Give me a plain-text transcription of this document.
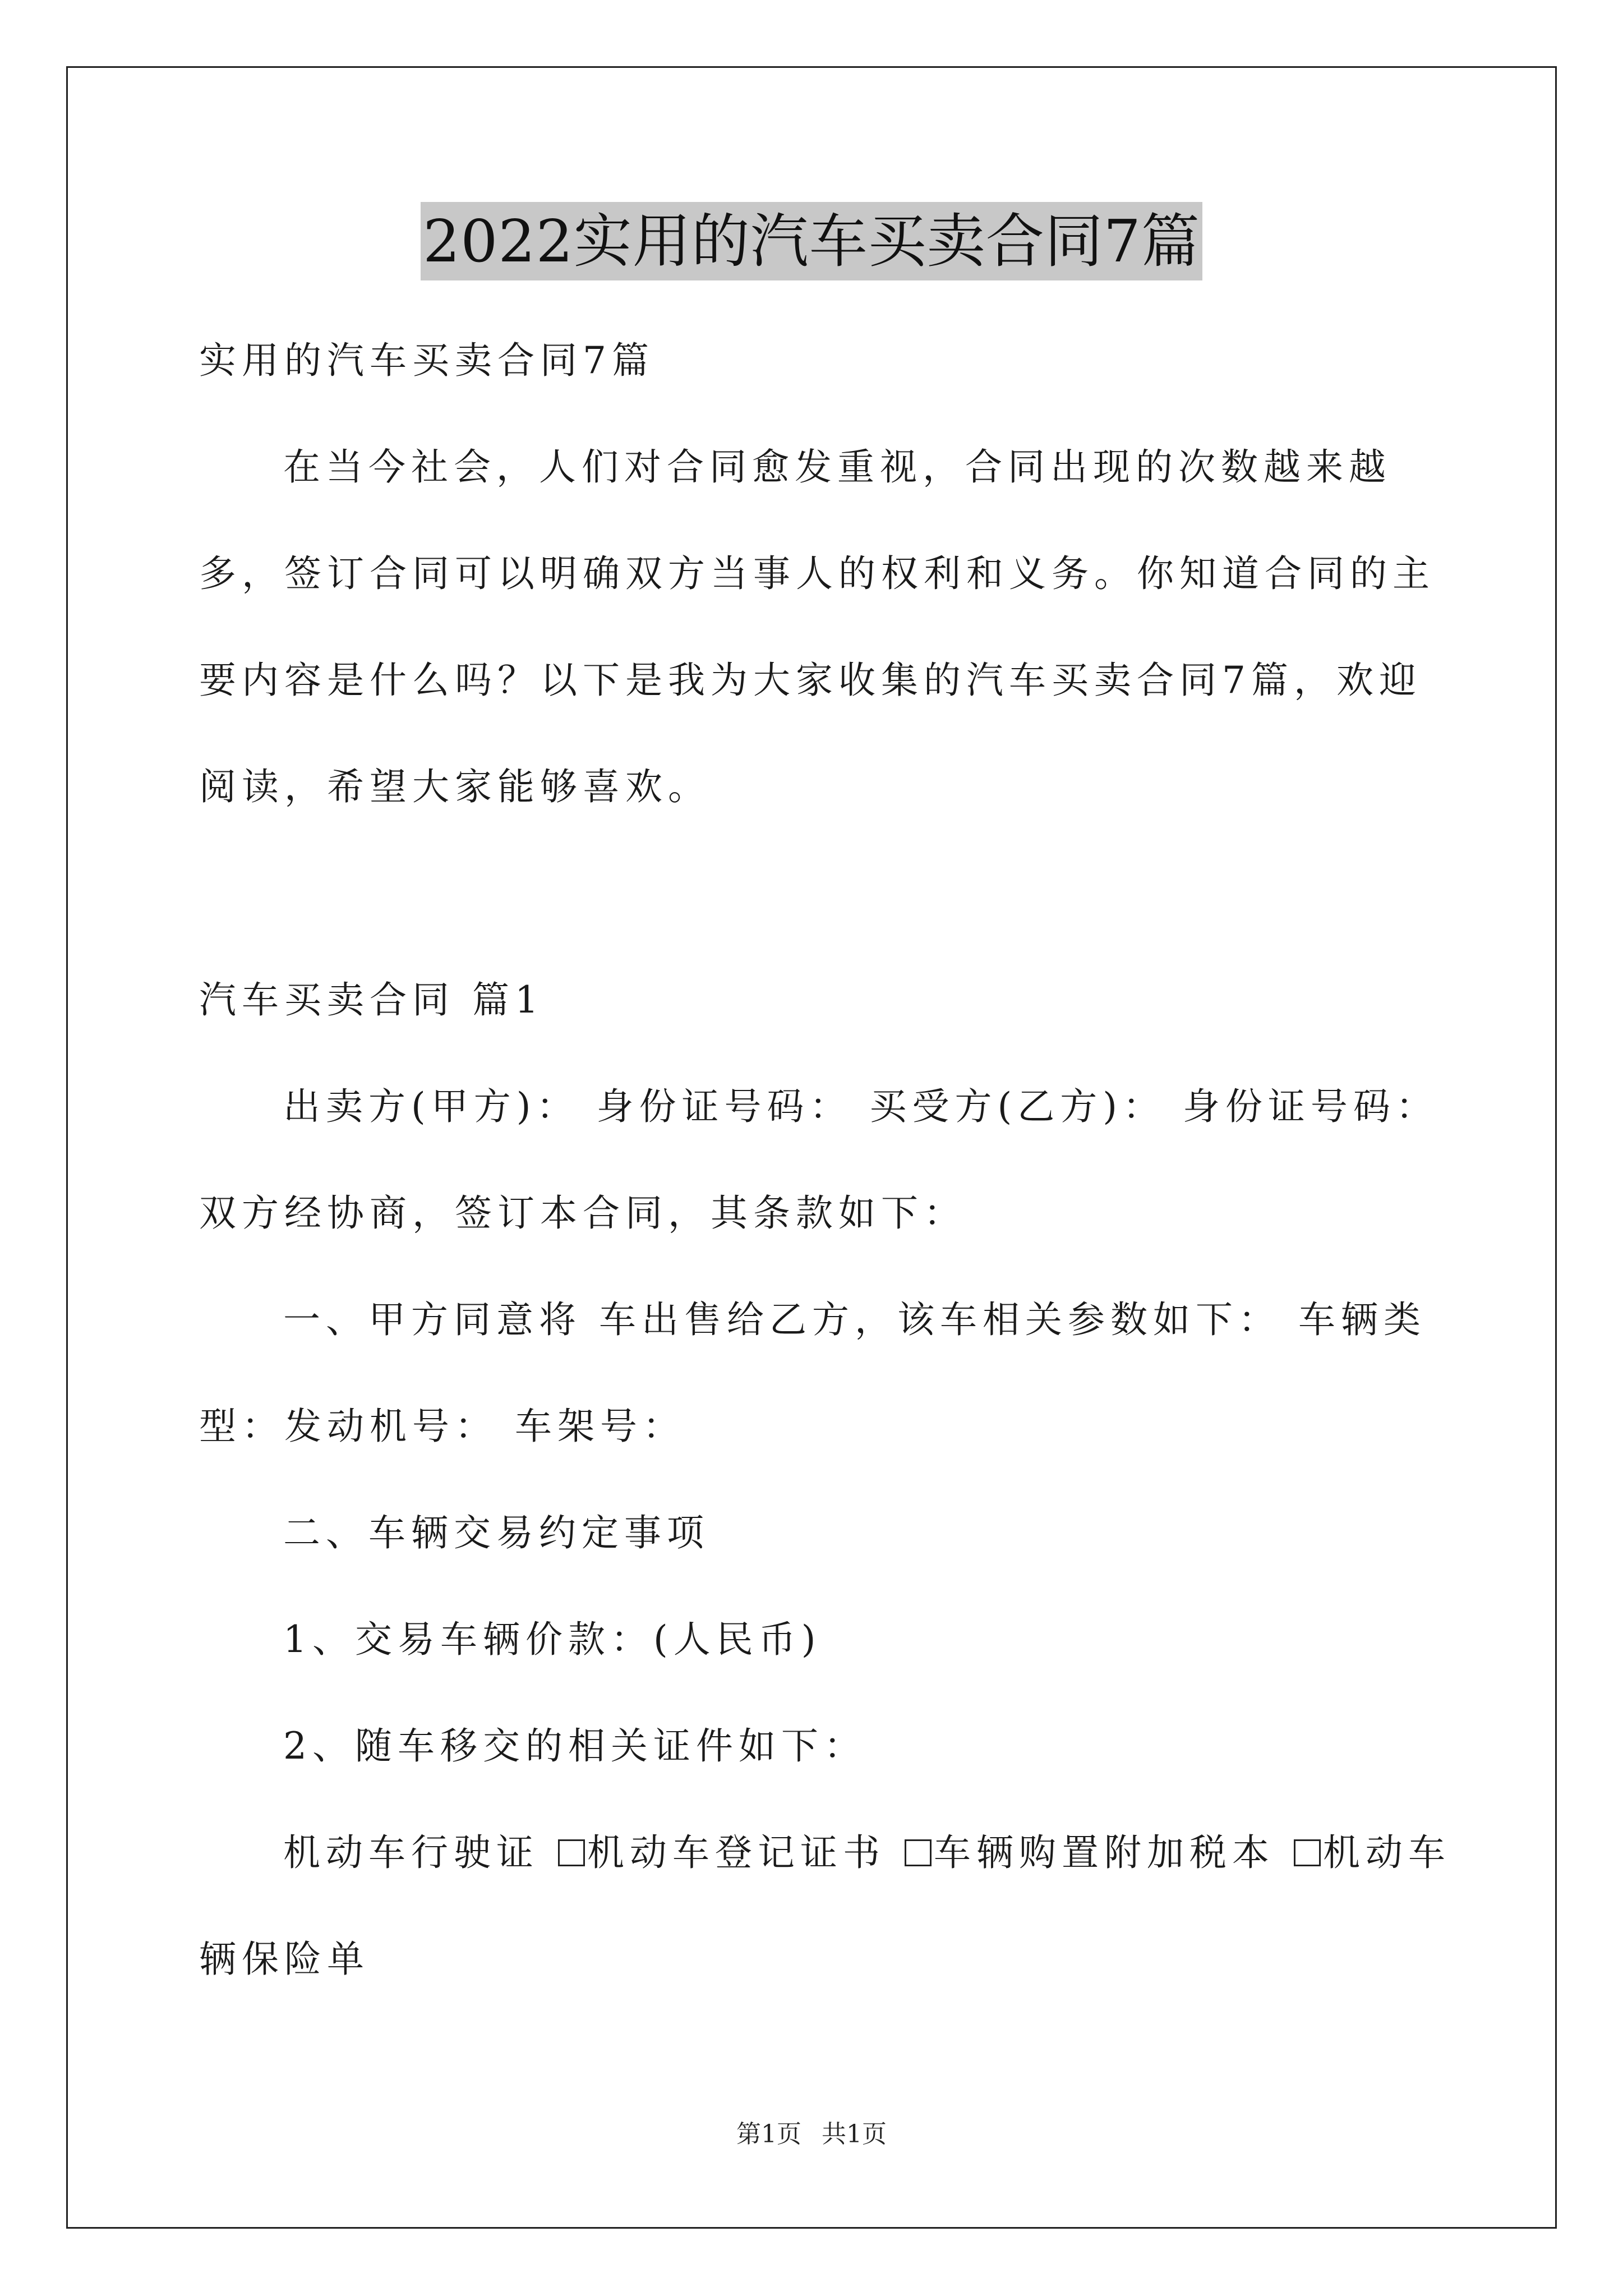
2022实用的汽车买卖合同7篇

实用的汽车买卖合同7篇

在当今社会，人们对合同愈发重视，合同出现的次数越来越多，签订合同可以明确双方当事人的权利和义务。你知道合同的主要内容是什么吗？以下是我为大家收集的汽车买卖合同7篇，欢迎阅读，希望大家能够喜欢。

汽车买卖合同 篇1

出卖方(甲方)： 身份证号码： 买受方(乙方)： 身份证号码：

双方经协商，签订本合同，其条款如下：

一、甲方同意将 车出售给乙方，该车相关参数如下： 车辆类型：发动机号： 车架号：

二、车辆交易约定事项

1、交易车辆价款：(人民币)

2、随车移交的相关证件如下：

机动车行驶证 机动车登记证书 车辆购置附加税本 机动车辆保险单

第1页 共1页
